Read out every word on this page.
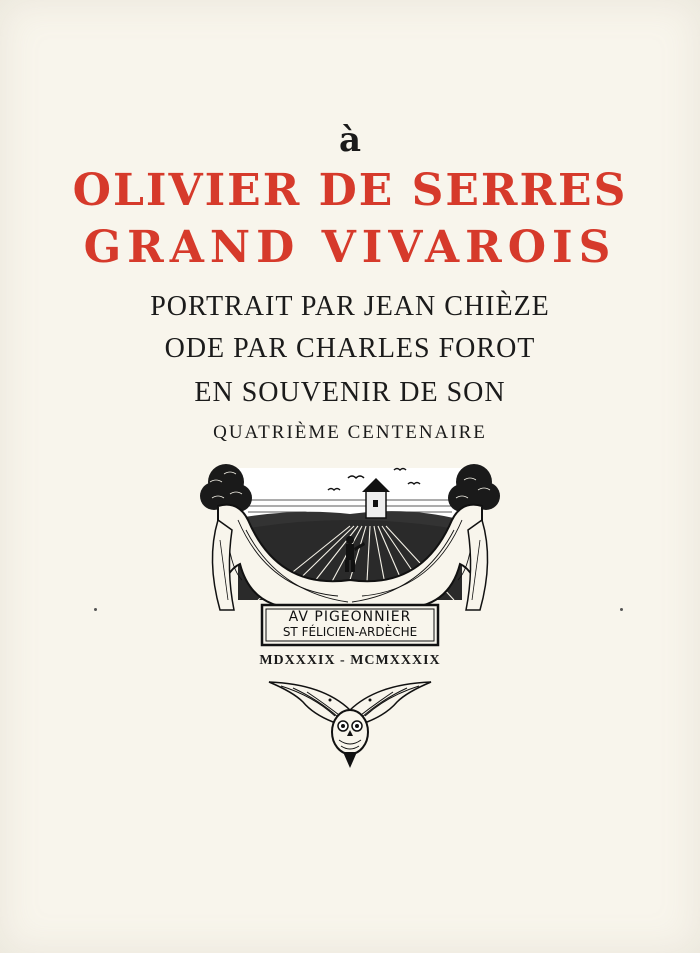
à
OLIVIER DE SERRES
GRAND VIVAROIS
PORTRAIT PAR JEAN CHIÈZE
ODE PAR CHARLES FOROT
EN SOUVENIR DE SON
QUATRIÈME CENTENAIRE
AV PIGEONNIER
ST FÉLICIEN-ARDÈCHE
MDXXXIX - MCMXXXIX
